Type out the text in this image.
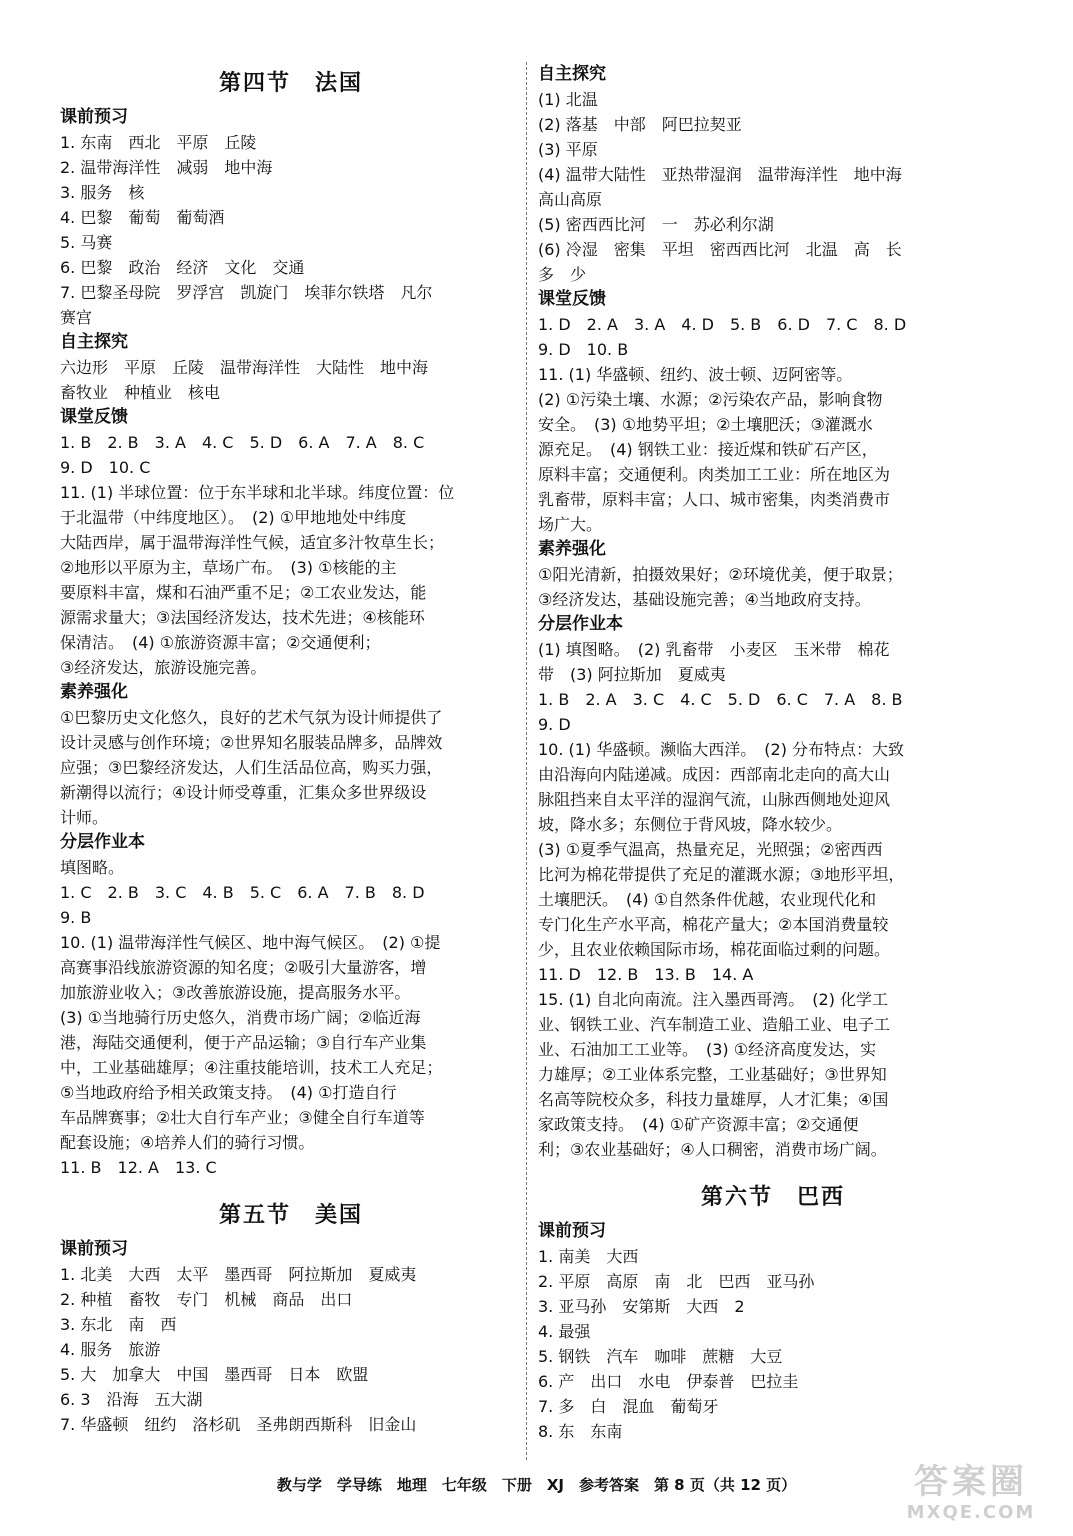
第四节　法国
课前预习
1. 东南　西北　平原　丘陵
2. 温带海洋性　减弱　地中海
3. 服务　核
4. 巴黎　葡萄　葡萄酒
5. 马赛
6. 巴黎　政治　经济　文化　交通
7. 巴黎圣母院　罗浮宫　凯旋门　埃菲尔铁塔　凡尔
赛宫
自主探究
六边形　平原　丘陵　温带海洋性　大陆性　地中海
畜牧业　种植业　核电
课堂反馈
1. B　2. B　3. A　4. C　5. D　6. A　7. A　8. C
9. D　10. C
11. (1) 半球位置：位于东半球和北半球。纬度位置：位
于北温带（中纬度地区）。　(2) ①甲地地处中纬度
大陆西岸，属于温带海洋性气候，适宜多汁牧草生长；
②地形以平原为主，草场广布。　(3) ①核能的主
要原料丰富，煤和石油严重不足；②工农业发达，能
源需求量大；③法国经济发达，技术先进；④核能环
保清洁。　(4) ①旅游资源丰富；②交通便利；
③经济发达，旅游设施完善。
素养强化
①巴黎历史文化悠久，良好的艺术气氛为设计师提供了
设计灵感与创作环境；②世界知名服装品牌多，品牌效
应强；③巴黎经济发达，人们生活品位高，购买力强，
新潮得以流行；④设计师受尊重，汇集众多世界级设
计师。
分层作业本
填图略。
1. C　2. B　3. C　4. B　5. C　6. A　7. B　8. D
9. B
10. (1) 温带海洋性气候区、地中海气候区。　(2) ①提
高赛事沿线旅游资源的知名度；②吸引大量游客，增
加旅游业收入；③改善旅游设施，提高服务水平。
(3) ①当地骑行历史悠久，消费市场广阔；②临近海
港，海陆交通便利，便于产品运输；③自行车产业集
中，工业基础雄厚；④注重技能培训，技术工人充足；
⑤当地政府给予相关政策支持。　(4) ①打造自行
车品牌赛事；②壮大自行车产业；③健全自行车道等
配套设施；④培养人们的骑行习惯。
11. B　12. A　13. C
第五节　美国
课前预习
1. 北美　大西　太平　墨西哥　阿拉斯加　夏威夷
2. 种植　畜牧　专门　机械　商品　出口
3. 东北　南　西
4. 服务　旅游
5. 大　加拿大　中国　墨西哥　日本　欧盟
6. 3　沿海　五大湖
7. 华盛顿　纽约　洛杉矶　圣弗朗西斯科　旧金山
自主探究
(1) 北温
(2) 落基　中部　阿巴拉契亚
(3) 平原
(4) 温带大陆性　亚热带湿润　温带海洋性　地中海
高山高原
(5) 密西西比河　一　苏必利尔湖
(6) 冷湿　密集　平坦　密西西比河　北温　高　长
多　少
课堂反馈
1. D　2. A　3. A　4. D　5. B　6. D　7. C　8. D
9. D　10. B
11. (1) 华盛顿、纽约、波士顿、迈阿密等。
(2) ①污染土壤、水源；②污染农产品，影响食物
安全。　(3) ①地势平坦；②土壤肥沃；③灌溉水
源充足。　(4) 钢铁工业：接近煤和铁矿石产区，
原料丰富；交通便利。肉类加工工业：所在地区为
乳畜带，原料丰富；人口、城市密集，肉类消费市
场广大。
素养强化
①阳光清新，拍摄效果好；②环境优美，便于取景；
③经济发达，基础设施完善；④当地政府支持。
分层作业本
(1) 填图略。　(2) 乳畜带　小麦区　玉米带　棉花
带　(3) 阿拉斯加　夏威夷
1. B　2. A　3. C　4. C　5. D　6. C　7. A　8. B
9. D
10. (1) 华盛顿。濒临大西洋。　(2) 分布特点：大致
由沿海向内陆递减。成因：西部南北走向的高大山
脉阻挡来自太平洋的湿润气流，山脉西侧地处迎风
坡，降水多；东侧位于背风坡，降水较少。
(3) ①夏季气温高，热量充足，光照强；②密西西
比河为棉花带提供了充足的灌溉水源；③地形平坦，
土壤肥沃。　(4) ①自然条件优越，农业现代化和
专门化生产水平高，棉花产量大；②本国消费量较
少，且农业依赖国际市场，棉花面临过剩的问题。
11. D　12. B　13. B　14. A
15. (1) 自北向南流。注入墨西哥湾。　(2) 化学工
业、钢铁工业、汽车制造工业、造船工业、电子工
业、石油加工工业等。　(3) ①经济高度发达，实
力雄厚；②工业体系完整，工业基础好；③世界知
名高等院校众多，科技力量雄厚，人才汇集；④国
家政策支持。　(4) ①矿产资源丰富；②交通便
利；③农业基础好；④人口稠密，消费市场广阔。
第六节　巴西
课前预习
1. 南美　大西
2. 平原　高原　南　北　巴西　亚马孙
3. 亚马孙　安第斯　大西　2
4. 最强
5. 钢铁　汽车　咖啡　蔗糖　大豆
6. 产　出口　水电　伊泰普　巴拉圭
7. 多　白　混血　葡萄牙
8. 东　东南
教与学　学导练　地理　七年级　下册　XJ　参考答案　第 8 页（共 12 页）	答案圈
MXQE.COM
